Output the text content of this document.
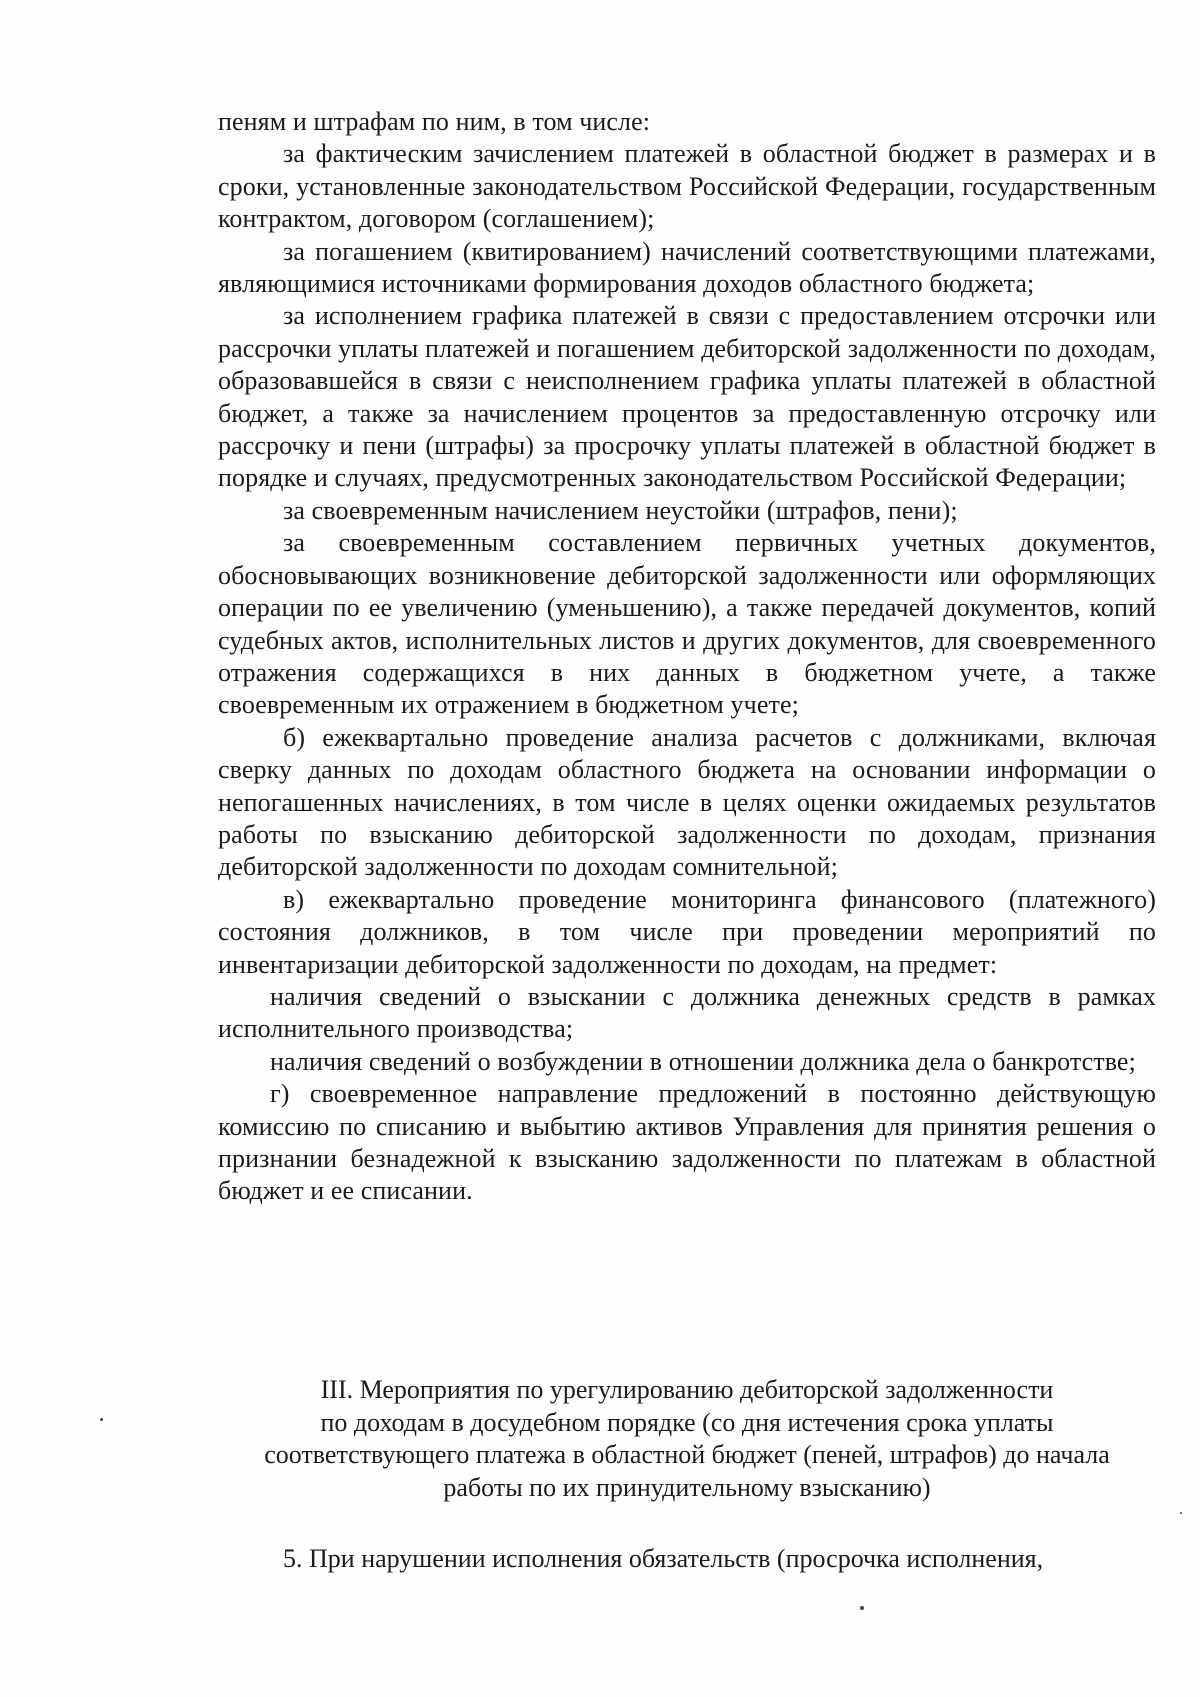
пеням и штрафам по ним, в том числе:

за фактическим зачислением платежей в областной бюджет в размерах и в сроки, установленные законодательством Российской Федерации, государственным контрактом, договором (соглашением);

за погашением (квитированием) начислений соответствующими платежами, являющимися источниками формирования доходов областного бюджета;

за исполнением графика платежей в связи с предоставлением отсрочки или рассрочки уплаты платежей и погашением дебиторской задолженности по доходам, образовавшейся в связи с неисполнением графика уплаты платежей в областной бюджет, а также за начислением процентов за предоставленную отсрочку или рассрочку и пени (штрафы) за просрочку уплаты платежей в областной бюджет в порядке и случаях, предусмотренных законодательством Российской Федерации;

за своевременным начислением неустойки (штрафов, пени);

за своевременным составлением первичных учетных документов, обосновывающих возникновение дебиторской задолженности или оформляющих операции по ее увеличению (уменьшению), а также передачей документов, копий судебных актов, исполнительных листов и других документов, для своевременного отражения содержащихся в них данных в бюджетном учете, а также своевременным их отражением в бюджетном учете;

б) ежеквартально проведение анализа расчетов с должниками, включая сверку данных по доходам областного бюджета на основании информации о непогашенных начислениях, в том числе в целях оценки ожидаемых результатов работы по взысканию дебиторской задолженности по доходам, признания дебиторской задолженности по доходам сомнительной;

в) ежеквартально проведение мониторинга финансового (платежного) состояния должников, в том числе при проведении мероприятий по инвентаризации дебиторской задолженности по доходам, на предмет:

наличия сведений о взыскании с должника денежных средств в рамках исполнительного производства;

наличия сведений о возбуждении в отношении должника дела о банкротстве;

г) своевременное направление предложений в постоянно действующую комиссию по списанию и выбытию активов Управления для принятия решения о признании безнадежной к взысканию задолженности по платежам в областной бюджет и ее списании.

III. Мероприятия по урегулированию дебиторской задолженности
по доходам в досудебном порядке (со дня истечения срока уплаты
соответствующего платежа в областной бюджет (пеней, штрафов) до начала
работы по их принудительному взысканию)
5. При нарушении исполнения обязательств (просрочка исполнения,
